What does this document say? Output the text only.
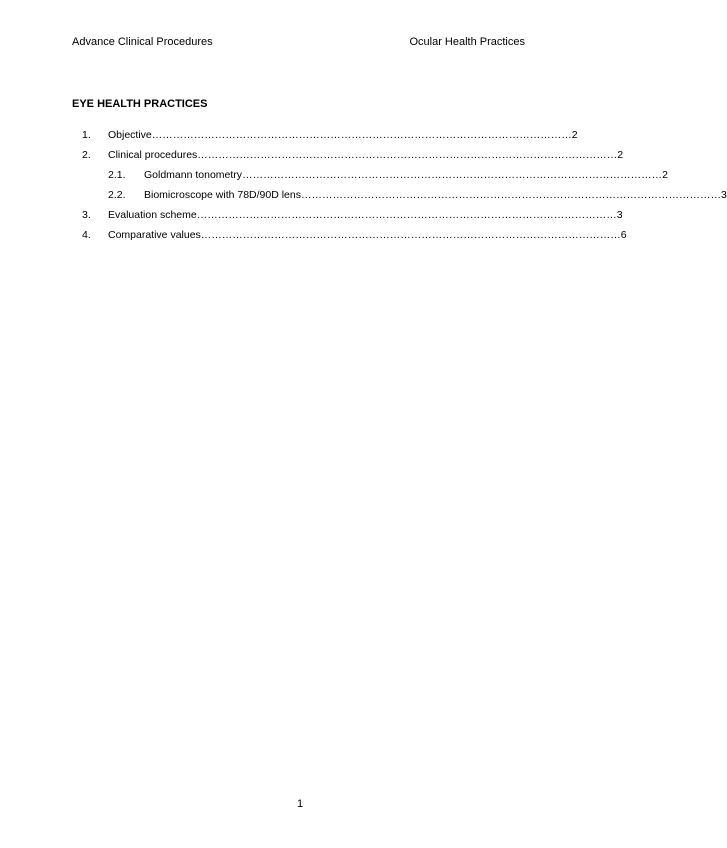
Advance Clinical Procedures	Ocular Health Practices
EYE HEALTH PRACTICES
1. Objective ………………………………………………………………………………………………………… 2
2. Clinical procedures ………………………………………………………………………………………………………… 2
2.1. Goldmann tonometry ………………………………………………………………………………………………………… 2
2.2. Biomicroscope with 78D/90D lens ………………………………………………………………………………………………………… 3
3. Evaluation scheme ………………………………………………………………………………………………………… 3
4. Comparative values ………………………………………………………………………………………………………… 6
1
